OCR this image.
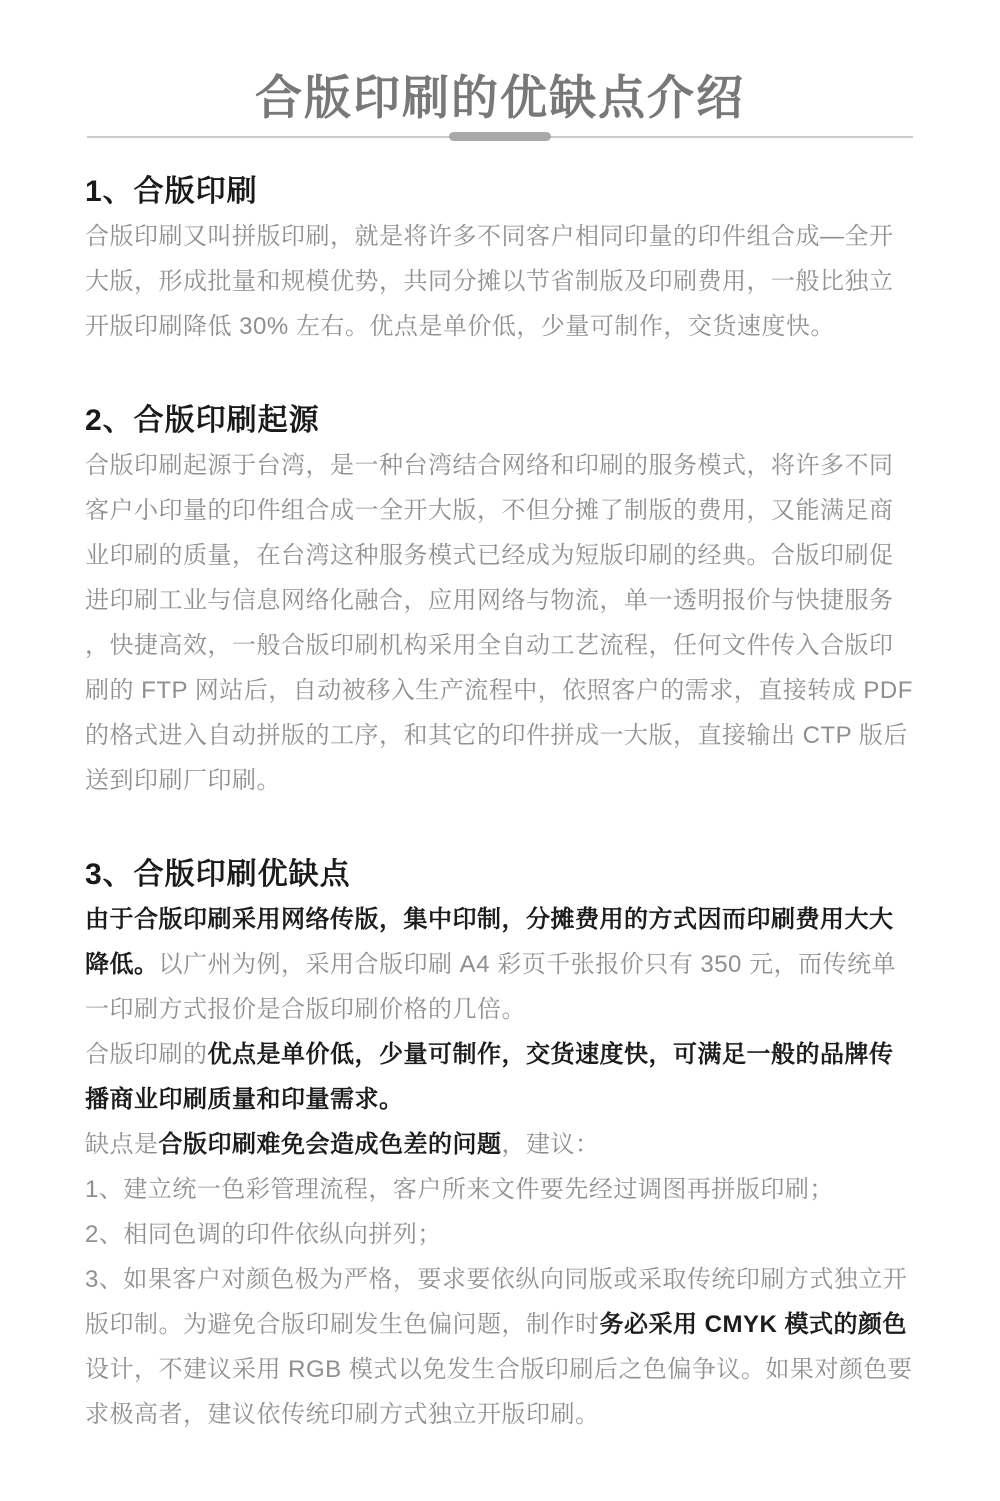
合版印刷的优缺点介绍
1、合版印刷

合版印刷又叫拼版印刷，就是将许多不同客户相同印量的印件组合成—全开大版，形成批量和规模优势，共同分摊以节省制版及印刷费用，一般比独立开版印刷降低 30% 左右。优点是单价低，少量可制作，交货速度快。

2、合版印刷起源

合版印刷起源于台湾，是一种台湾结合网络和印刷的服务模式，将许多不同客户小印量的印件组合成一全开大版，不但分摊了制版的费用，又能满足商业印刷的质量，在台湾这种服务模式已经成为短版印刷的经典。合版印刷促进印刷工业与信息网络化融合，应用网络与物流，单一透明报价与快捷服务 ，快捷高效，一般合版印刷机构采用全自动工艺流程，任何文件传入合版印刷的 FTP 网站后，自动被移入生产流程中，依照客户的需求，直接转成 PDF 的格式进入自动拼版的工序，和其它的印件拼成一大版，直接输出 CTP 版后送到印刷厂印刷。

3、合版印刷优缺点

由于合版印刷采用网络传版，集中印制，分摊费用的方式因而印刷费用大大降低。以广州为例，采用合版印刷 A4 彩页千张报价只有 350 元，而传统单一印刷方式报价是合版印刷价格的几倍。

合版印刷的优点是单价低，少量可制作，交货速度快，可满足一般的品牌传播商业印刷质量和印量需求。

缺点是合版印刷难免会造成色差的问题，建议：

1、建立统一色彩管理流程，客户所来文件要先经过调图再拼版印刷；

2、相同色调的印件依纵向拼列；

3、如果客户对颜色极为严格，要求要依纵向同版或采取传统印刷方式独立开版印制。为避免合版印刷发生色偏问题，制作时务必采用 CMYK 模式的颜色设计，不建议采用 RGB 模式以免发生合版印刷后之色偏争议。如果对颜色要求极高者，建议依传统印刷方式独立开版印刷。
